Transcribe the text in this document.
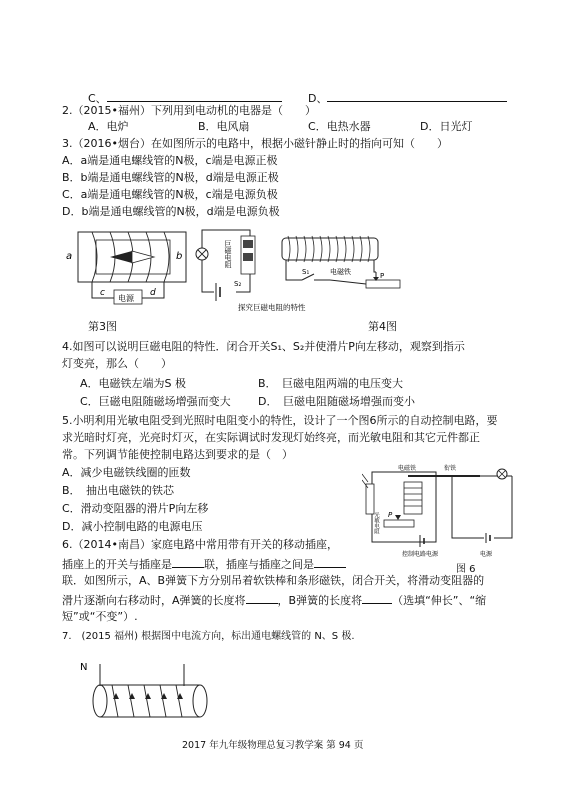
C、	D、
2.（2015•福州）下列用到电动机的电器是（　　）
A．电炉	B．电风扇	C．电热水器	D．日光灯
3.（2016•烟台）在如图所示的电路中，根据小磁针静止时的指向可知（　　）
A．a端是通电螺线管的N极，c端是电源正极
B．b端是通电螺线管的N极，d端是电源正极
C．a端是通电螺线管的N极，c端是电源负极
D．b端是通电螺线管的N极，d端是电源负极
a	b
电源
c	d
巨磁电阻
S₂
电磁铁
S₁	P
探究巨磁电阻的特性
第3图	第4图
4.如图可以说明巨磁电阻的特性．闭合开关S₁、S₂并使滑片P向左移动，观察到指示
灯变亮，那么（　　）
A．电磁铁左端为S 极	B．　巨磁电阻两端的电压变大
C．巨磁电阻随磁场增强而变大 D．　巨磁电阻随磁场增强而变小
5.小明利用光敏电阻受到光照时电阻变小的特性，设计了一个图6所示的自动控制电路，要
求光暗时灯亮，光亮时灯灭，在实际调试时发现灯始终亮，而光敏电阻和其它元件都正
常。下列调节能使控制电路达到要求的是（　）
A．减少电磁铁线圈的匝数
B．　抽出电磁铁的铁芯
C．滑动变阻器的滑片P向左移
D．减小控制电路的电源电压
电磁铁	衔铁
光敏电阻 P
控制电路电源	电源
图 6
6.（2014•南昌）家庭电路中常用带有开关的移动插座，
插座上的开关与插座是	联，插座与插座之间是
联．如图所示，A、B弹簧下方分别吊着软铁棒和条形磁铁，闭合开关，将滑动变阻器的
滑片逐渐向右移动时，A弹簧的长度将	，B弹簧的长度将	（选填“伸长”、“缩
短”或“不变”）.
7.　(2015 福州) 根据图中电流方向，标出通电螺线管的 N、S 极.
N
2017 年九年级物理总复习教学案 第 94 页
